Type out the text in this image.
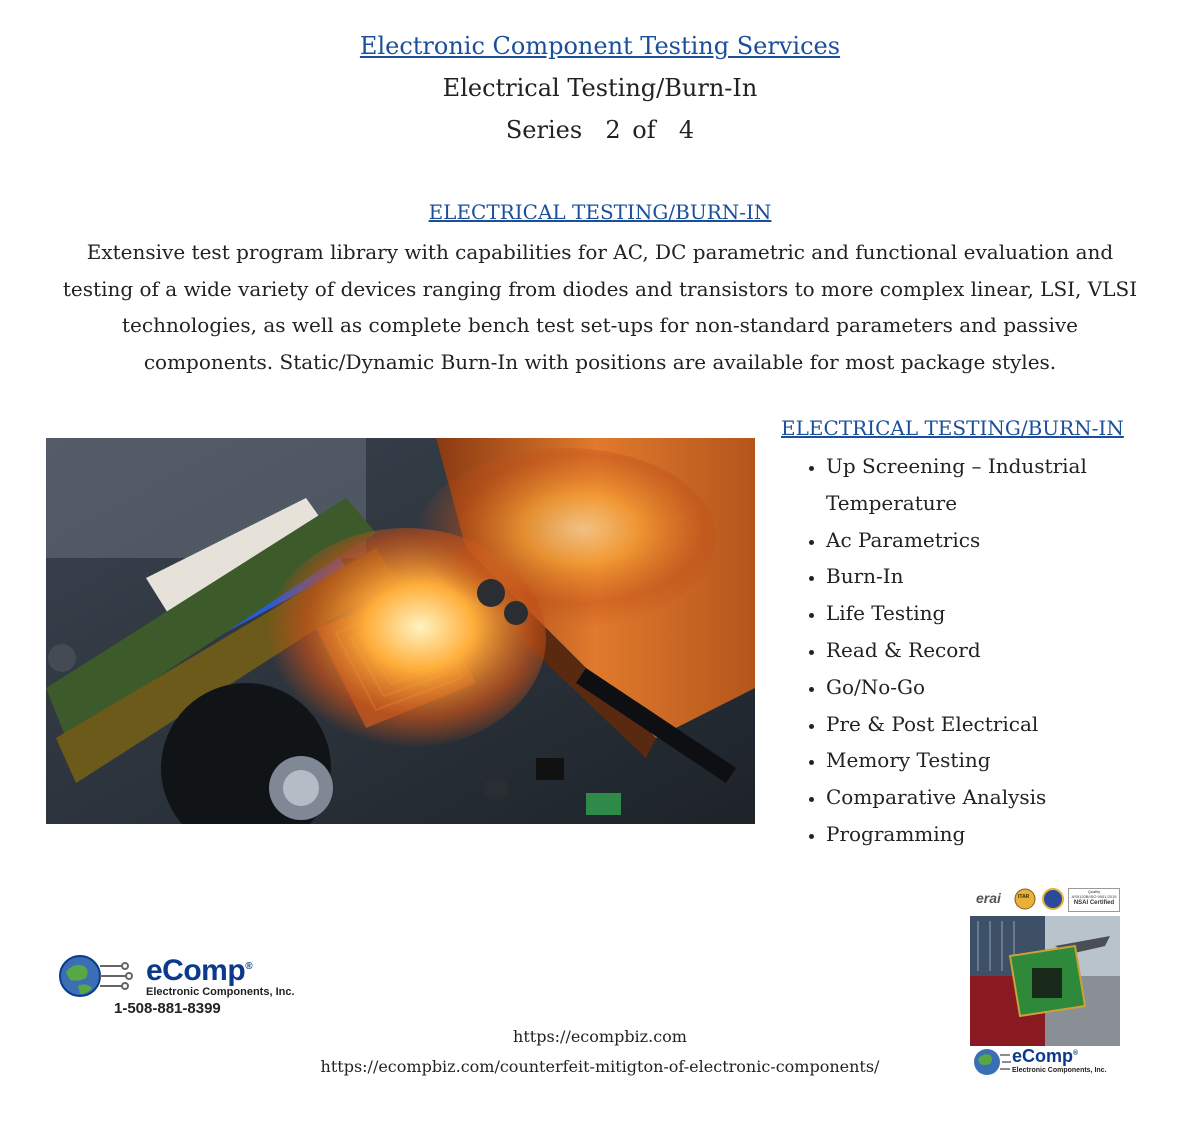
Electronic Component Testing Services
Electrical Testing/Burn-In
Series  2 of  4
ELECTRICAL TESTING/BURN-IN
Extensive test program library with capabilities for AC, DC parametric and functional evaluation and testing of a wide variety of devices ranging from diodes and transistors to more complex linear, LSI, VLSI technologies, as well as complete bench test set-ups for non-standard parameters and passive components. Static/Dynamic Burn-In with positions are available for most package styles.
ELECTRICAL TESTING/BURN-IN
• Up Screening – Industrial Temperature
• Ac Parametrics
• Burn-In
• Life Testing
• Read & Record
• Go/No-Go
• Pre & Post Electrical
• Memory Testing
• Comparative Analysis
• Programming
eComp®
Electronic Components, Inc.
1-508-881-8399
https://ecompbiz.com
https://ecompbiz.com/counterfeit-mitigton-of-electronic-components/
erai	ITAR
Quality
AS9120B/ISO 9001:2015
NSAI Certified
eComp®
Electronic Components, Inc.
